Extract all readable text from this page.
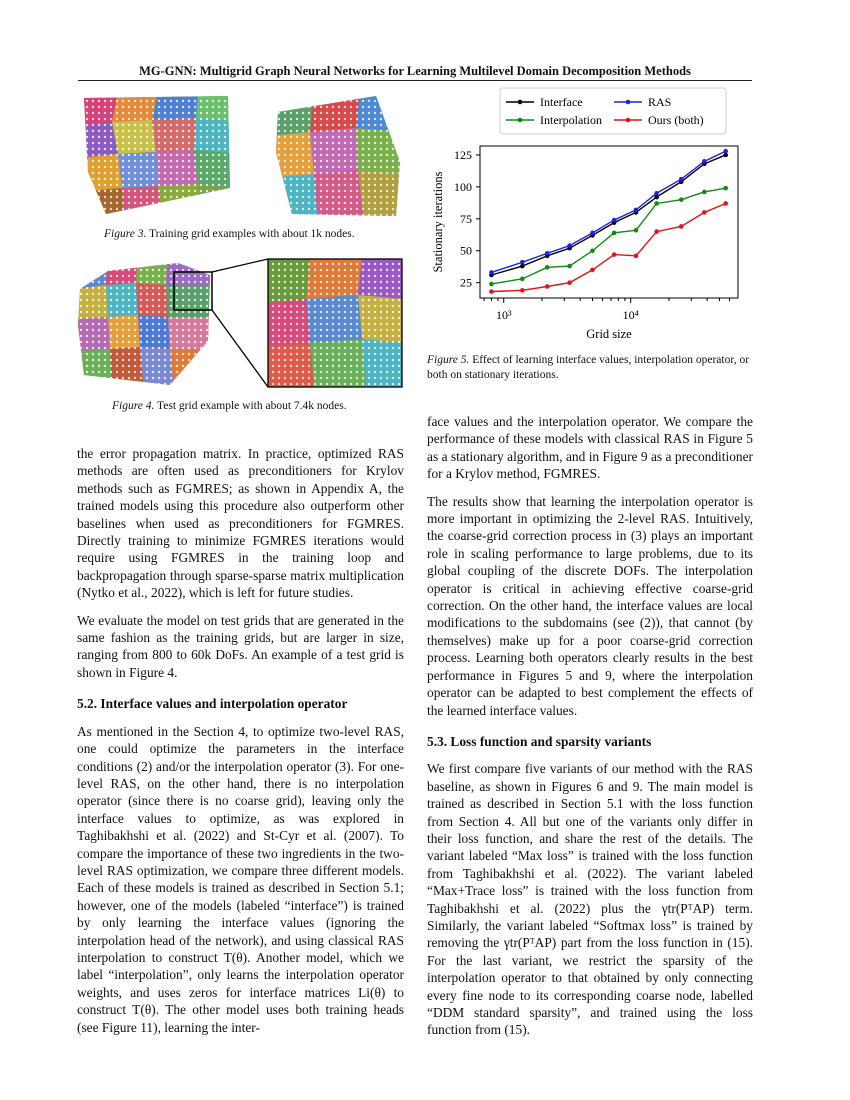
MG-GNN: Multigrid Graph Neural Networks for Learning Multilevel Domain Decomposition Methods
Figure 3. Training grid examples with about 1k nodes.
Figure 4. Test grid example with about 7.4k nodes.
25
50
75
100
125
10³	10⁴
Grid size
Stationary iterations
Interface	RAS
Interpolation	Ours (both)
Figure 5. Effect of learning interface values, interpolation operator, or both on stationary iterations.

the error propagation matrix. In practice, optimized RAS methods are often used as preconditioners for Krylov methods such as FGMRES; as shown in Appendix A, the trained models using this procedure also outperform other baselines when used as preconditioners for FGMRES. Directly training to minimize FGMRES iterations would require using FGMRES in the training loop and backpropagation through sparse-sparse matrix multiplication (Nytko et al., 2022), which is left for future studies.

We evaluate the model on test grids that are generated in the same fashion as the training grids, but are larger in size, ranging from 800 to 60k DoFs. An example of a test grid is shown in Figure 4.

5.2. Interface values and interpolation operator

As mentioned in the Section 4, to optimize two-level RAS, one could optimize the parameters in the interface conditions (2) and/or the interpolation operator (3). For one-level RAS, on the other hand, there is no interpolation operator (since there is no coarse grid), leaving only the interface values to optimize, as was explored in Taghibakhshi et al. (2022) and St-Cyr et al. (2007). To compare the importance of these two ingredients in the two-level RAS optimization, we compare three different models. Each of these models is trained as described in Section 5.1; however, one of the models (labeled “interface”) is trained by only learning the interface values (ignoring the interpolation head of the network), and using classical RAS interpolation to construct T(θ). Another model, which we label “interpolation”, only learns the interpolation operator weights, and uses zeros for interface matrices Li(θ) to construct T(θ). The other model uses both training heads (see Figure 11), learning the inter-

face values and the interpolation operator. We compare the performance of these models with classical RAS in Figure 5 as a stationary algorithm, and in Figure 9 as a preconditioner for a Krylov method, FGMRES.

The results show that learning the interpolation operator is more important in optimizing the 2-level RAS. Intuitively, the coarse-grid correction process in (3) plays an important role in scaling performance to large problems, due to its global coupling of the discrete DOFs. The interpolation operator is critical in achieving effective coarse-grid correction. On the other hand, the interface values are local modifications to the subdomains (see (2)), that cannot (by themselves) make up for a poor coarse-grid correction process. Learning both operators clearly results in the best performance in Figures 5 and 9, where the interpolation operator can be adapted to best complement the effects of the learned interface values.

5.3. Loss function and sparsity variants

We first compare five variants of our method with the RAS baseline, as shown in Figures 6 and 9. The main model is trained as described in Section 5.1 with the loss function from Section 4. All but one of the variants only differ in their loss function, and share the rest of the details. The variant labeled “Max loss” is trained with the loss function from Taghibakhshi et al. (2022). The variant labeled “Max+Trace loss” is trained with the loss function from Taghibakhshi et al. (2022) plus the γtr(PᵀAP) term. Similarly, the variant labeled “Softmax loss” is trained by removing the γtr(PᵀAP) part from the loss function in (15). For the last variant, we restrict the sparsity of the interpolation operator to that obtained by only connecting every fine node to its corresponding coarse node, labelled “DDM standard sparsity”, and trained using the loss function from (15).
